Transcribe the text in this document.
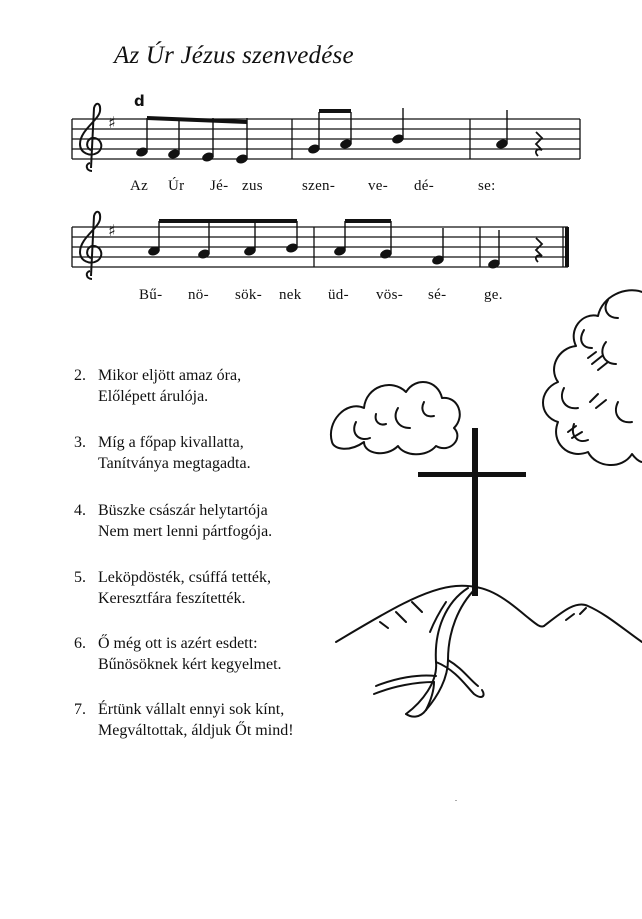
Az Úr Jézus szenvedése
d
♯
♯
Az Úr Jé- zus	szen- ve- dé-	se:
Bű- nö- sök- nek üd- vös- sé-	ge.
2. Mikor eljött amaz óra,
Előlépett árulója.
3. Míg a főpap kivallatta,
Tanítványa megtagadta.
4. Büszke császár helytartója
Nem mert lenni pártfogója.
5. Leköpdösték, csúffá tették,
Keresztfára feszítették.
6. Ő még ott is azért esdett:
Bűnösöknek kért kegyelmet.
7. Értünk vállalt ennyi sok kínt,
Megváltottak, áldjuk Őt mind!
